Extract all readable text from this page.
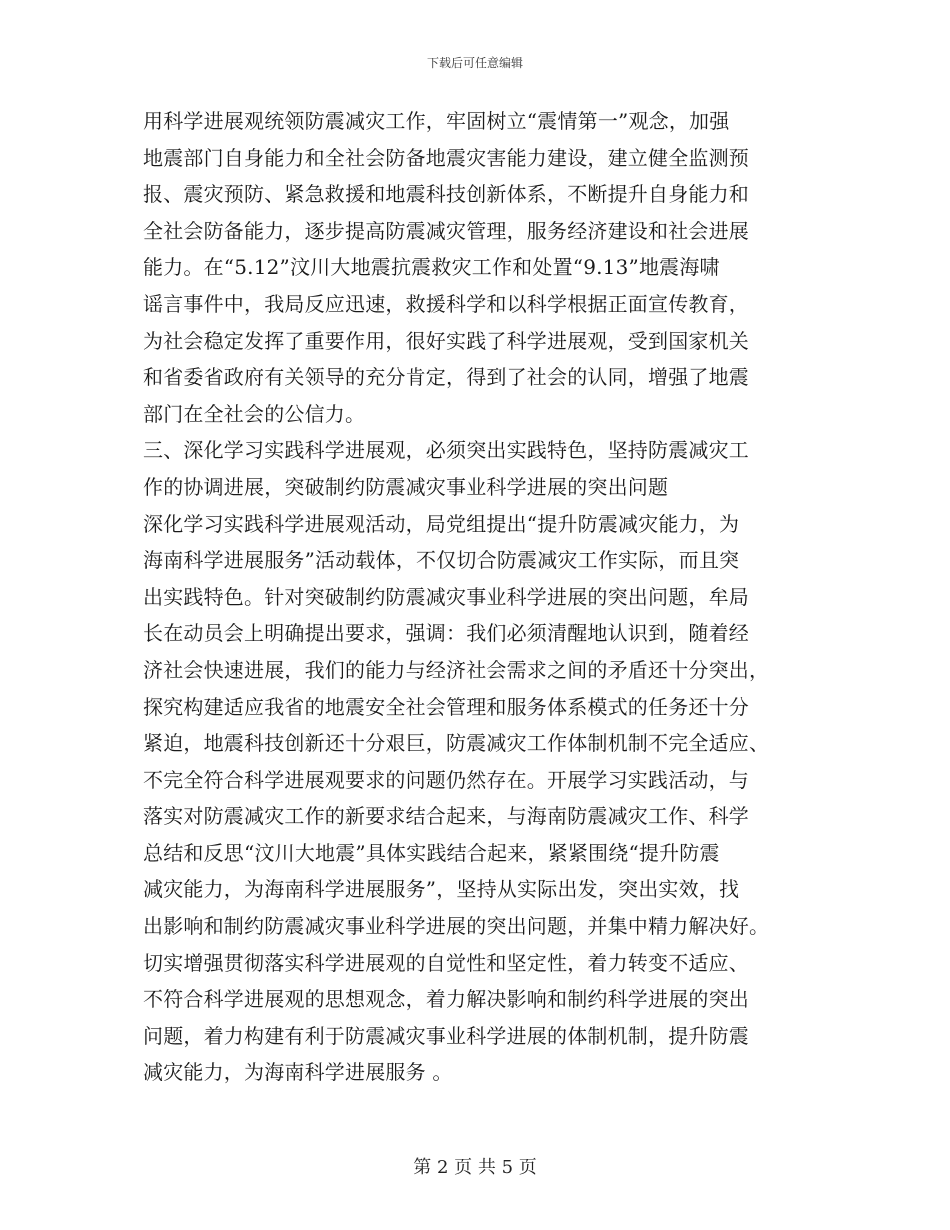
下载后可任意编辑
用科学进展观统领防震减灾工作，牢固树立“震情第一”观念，加强
地震部门自身能力和全社会防备地震灾害能力建设，建立健全监测预
报、震灾预防、紧急救援和地震科技创新体系，不断提升自身能力和
全社会防备能力，逐步提高防震减灾管理，服务经济建设和社会进展
能力。在“5.12”汶川大地震抗震救灾工作和处置“9.13”地震海啸
谣言事件中，我局反应迅速，救援科学和以科学根据正面宣传教育，
为社会稳定发挥了重要作用，很好实践了科学进展观，受到国家机关
和省委省政府有关领导的充分肯定，得到了社会的认同，增强了地震
部门在全社会的公信力。
三、深化学习实践科学进展观，必须突出实践特色，坚持防震减灾工
作的协调进展，突破制约防震减灾事业科学进展的突出问题
深化学习实践科学进展观活动，局党组提出“提升防震减灾能力，为
海南科学进展服务”活动载体，不仅切合防震减灾工作实际，而且突
出实践特色。针对突破制约防震减灾事业科学进展的突出问题，牟局
长在动员会上明确提出要求，强调：我们必须清醒地认识到，随着经
济社会快速进展，我们的能力与经济社会需求之间的矛盾还十分突出，
探究构建适应我省的地震安全社会管理和服务体系模式的任务还十分
紧迫，地震科技创新还十分艰巨，防震减灾工作体制机制不完全适应、
不完全符合科学进展观要求的问题仍然存在。开展学习实践活动，与
落实对防震减灾工作的新要求结合起来，与海南防震减灾工作、科学
总结和反思“汶川大地震”具体实践结合起来，紧紧围绕“提升防震
减灾能力，为海南科学进展服务”，坚持从实际出发，突出实效，找
出影响和制约防震减灾事业科学进展的突出问题，并集中精力解决好。
切实增强贯彻落实科学进展观的自觉性和坚定性，着力转变不适应、
不符合科学进展观的思想观念，着力解决影响和制约科学进展的突出
问题，着力构建有利于防震减灾事业科学进展的体制机制，提升防震
减灾能力，为海南科学进展服务 。
第 2 页 共 5 页
